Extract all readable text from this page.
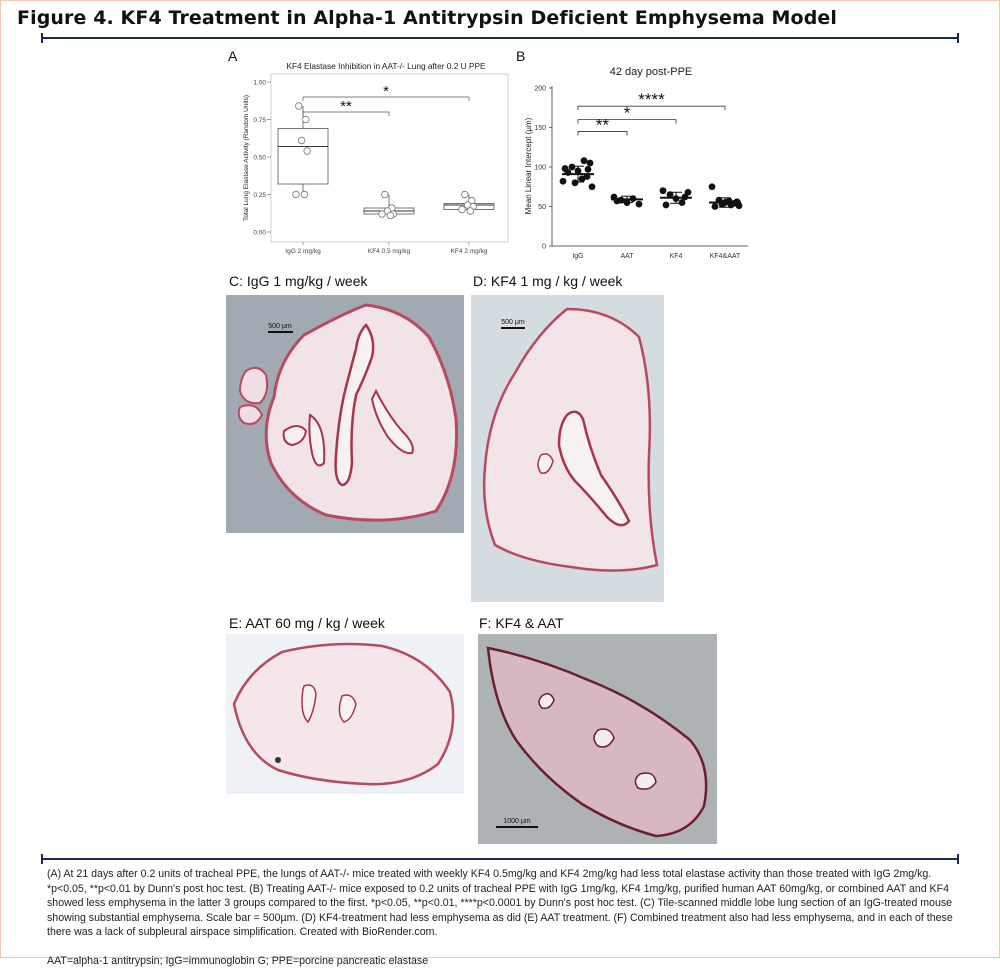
Figure 4. KF4 Treatment in Alpha-1 Antitrypsin Deficient Emphysema Model
A
KF4 Elastase Inhibition in AAT-/- Lung after 0.2 U PPE
Total Lung Elastase Activity (Random Units)
0.00
0.25
0.50
0.75
1.00
IgG 2 mg/kg	KF4 0.5 mg/kg	KF4 2 mg/kg
**
*
B
42 day post-PPE
Mean Linear Intercept (µm)
0
50
100
150
200
IgG	AAT	KF4	KF4&AAT
**
*
****
C: IgG 1 mg/kg / week
500 μm
D: KF4 1 mg / kg / week
500 μm
E: AAT 60 mg / kg / week	F: KF4 & AAT
1000 μm

(A) At 21 days after 0.2 units of tracheal PPE, the lungs of AAT-/- mice treated with weekly KF4 0.5mg/kg and KF4 2mg/kg had less total elastase activity than those treated with IgG 2mg/kg. *p<0.05, **p<0.01 by Dunn's post hoc test. (B) Treating AAT-/- mice exposed to 0.2 units of tracheal PPE with IgG 1mg/kg, KF4 1mg/kg, purified human AAT 60mg/kg, or combined AAT and KF4 showed less emphysema in the latter 3 groups compared to the first. *p<0.05, **p<0.01, ****p<0.0001 by Dunn's post hoc test. (C) Tile-scanned middle lobe lung section of an IgG-treated mouse showing substantial emphysema. Scale bar = 500µm. (D) KF4-treatment had less emphysema as did (E) AAT treatment. (F) Combined treatment also had less emphysema, and in each of these there was a lack of subpleural airspace simplification. Created with BioRender.com.

AAT=alpha-1 antitrypsin; IgG=immunoglobin G; PPE=porcine pancreatic elastase
